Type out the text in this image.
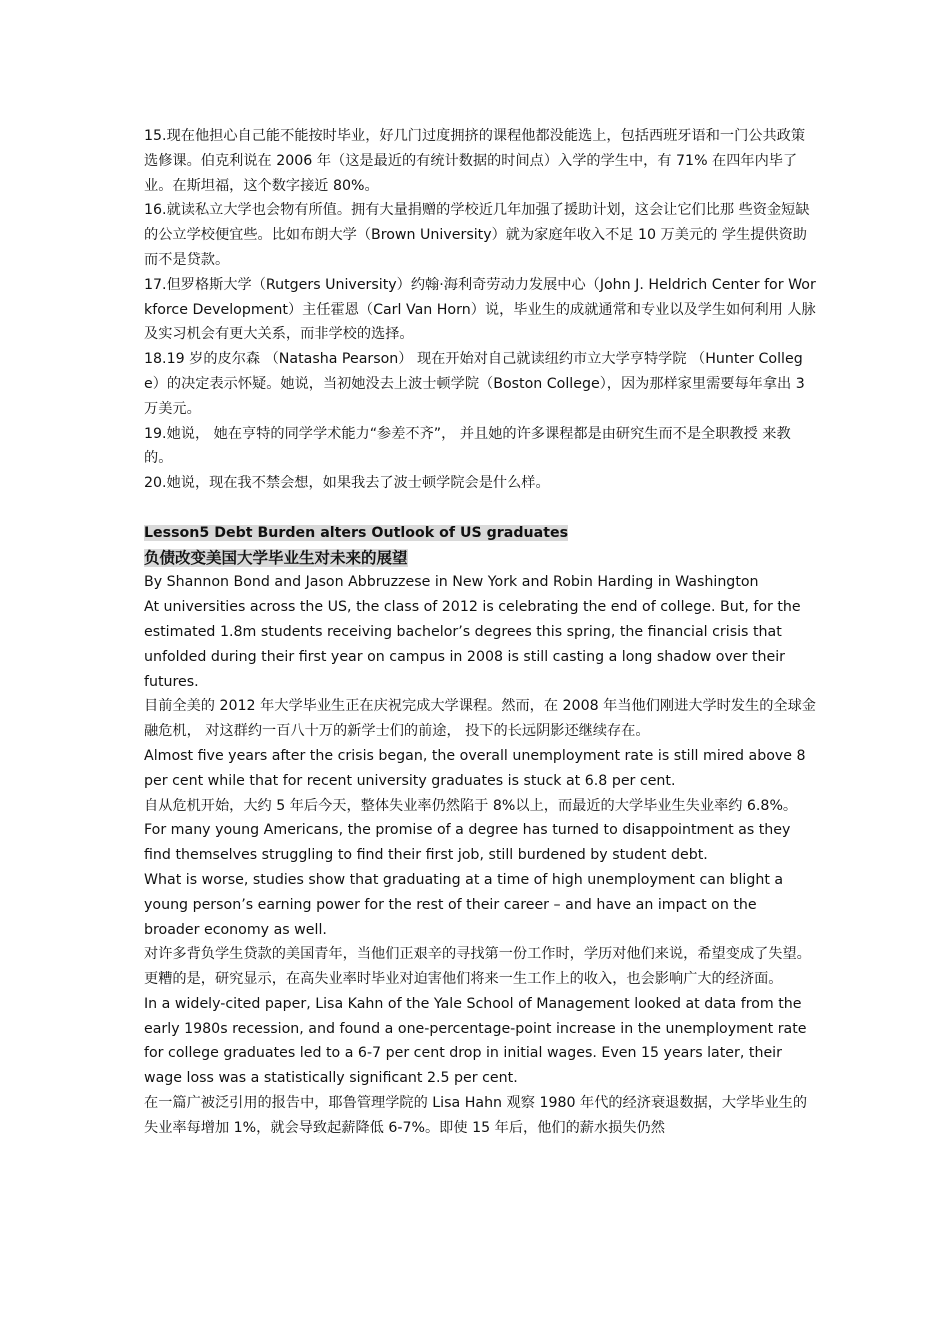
15.现在他担心自己能不能按时毕业，好几门过度拥挤的课程他都没能选上，包括西班牙语和一门公共政策选修课。伯克利说在 2006 年（这是最近的有统计数据的时间点）入学的学生中，有 71% 在四年内毕了业。在斯坦福，这个数字接近 80%。

16.就读私立大学也会物有所值。拥有大量捐赠的学校近几年加强了援助计划，这会让它们比那 些资金短缺的公立学校便宜些。比如布朗大学（Brown University）就为家庭年收入不足 10 万美元的 学生提供资助而不是贷款。

17.但罗格斯大学（Rutgers University）约翰·海利奇劳动力发展中心（John J. Heldrich Center for Workforce Development）主任霍恩（Carl Van Horn）说，毕业生的成就通常和专业以及学生如何利用 人脉及实习机会有更大关系，而非学校的选择。

18.19 岁的皮尔森 （Natasha Pearson） 现在开始对自己就读纽约市立大学亨特学院 （Hunter College）的决定表示怀疑。她说，当初她没去上波士顿学院（Boston College），因为那样家里需要每年拿出 3 万美元。

19.她说， 她在亨特的同学学术能力“参差不齐”， 并且她的许多课程都是由研究生而不是全职教授 来教的。

20.她说，现在我不禁会想，如果我去了波士顿学院会是什么样。

Lesson5 Debt Burden alters Outlook of US graduates

负债改变美国大学毕业生对未来的展望

By Shannon Bond and Jason Abbruzzese in New York and Robin Harding in Washington

At universities across the US, the class of 2012 is celebrating the end of college. But, for the estimated 1.8m students receiving bachelor’s degrees this spring, the financial crisis that unfolded during their first year on campus in 2008 is still casting a long shadow over their futures.

目前全美的 2012 年大学毕业生正在庆祝完成大学课程。然而，在 2008 年当他们刚进大学时发生的全球金融危机， 对这群约一百八十万的新学士们的前途， 投下的长远阴影还继续存在。

Almost five years after the crisis began, the overall unemployment rate is still mired above 8 per cent while that for recent university graduates is stuck at 6.8 per cent.

自从危机开始，大约 5 年后今天，整体失业率仍然陷于 8%以上，而最近的大学毕业生失业率约 6.8%。

For many young Americans, the promise of a degree has turned to disappointment as they find themselves struggling to find their first job, still burdened by student debt.

What is worse, studies show that graduating at a time of high unemployment can blight a young person’s earning power for the rest of their career – and have an impact on the broader economy as well.

对许多背负学生贷款的美国青年，当他们正艰辛的寻找第一份工作时，学历对他们来说，希望变成了失望。

更糟的是，研究显示，在高失业率时毕业对迫害他们将来一生工作上的收入，也会影响广大的经济面。

In a widely-cited paper, Lisa Kahn of the Yale School of Management looked at data from the early 1980s recession, and found a one-percentage-point increase in the unemployment rate for college graduates led to a 6-7 per cent drop in initial wages. Even 15 years later, their wage loss was a statistically significant 2.5 per cent.

在一篇广被泛引用的报告中，耶鲁管理学院的 Lisa Hahn 观察 1980 年代的经济衰退数据，大学毕业生的失业率每增加 1%，就会导致起薪降低 6-7%。即使 15 年后，他们的薪水损失仍然
